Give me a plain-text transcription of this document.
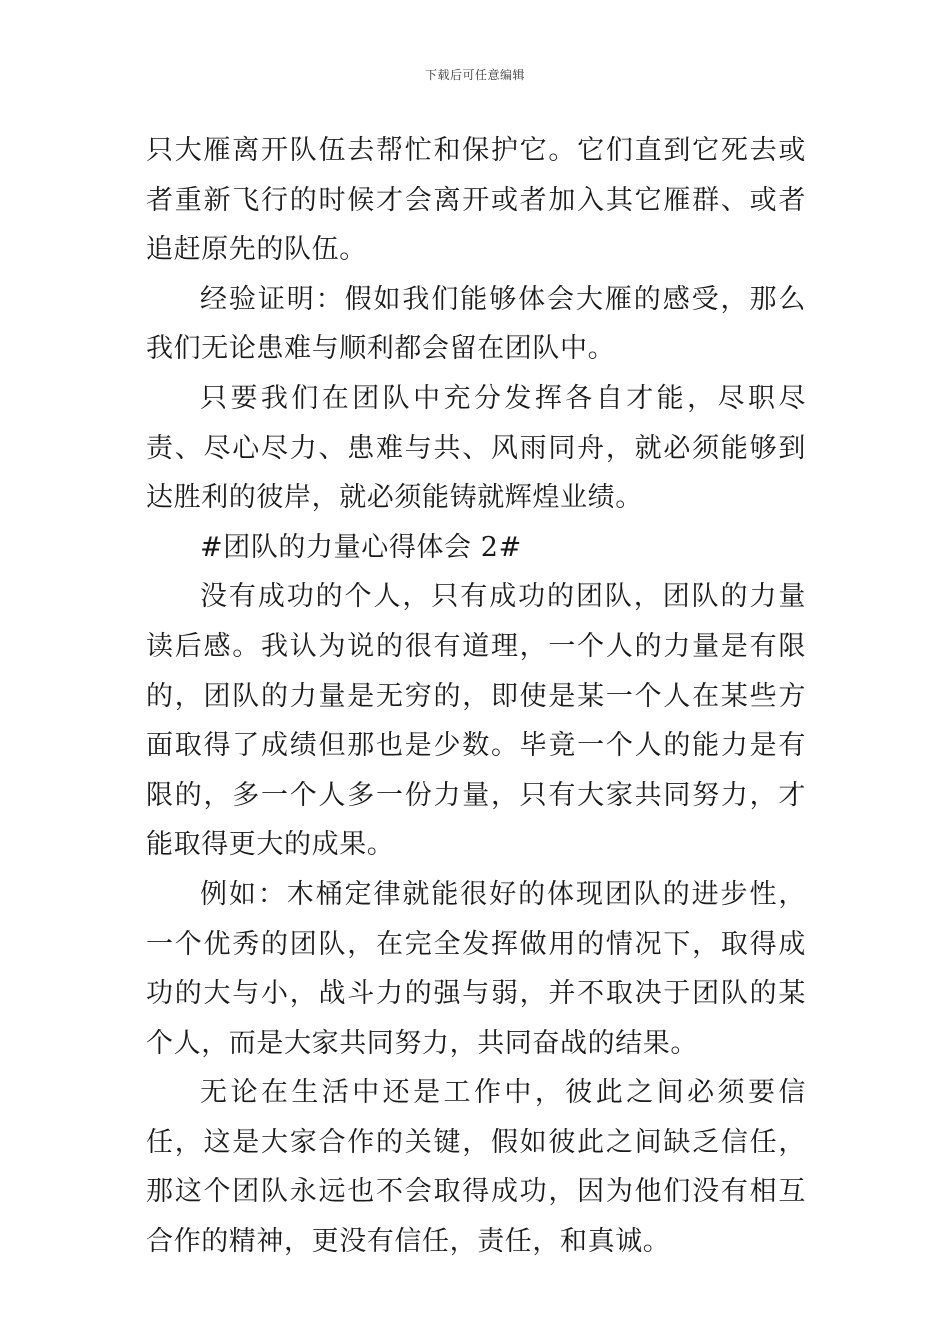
下载后可任意编辑

只大雁离开队伍去帮忙和保护它。它们直到它死去或者重新飞行的时候才会离开或者加入其它雁群、或者追赶原先的队伍。

经验证明：假如我们能够体会大雁的感受，那么我们无论患难与顺利都会留在团队中。

只要我们在团队中充分发挥各自才能，尽职尽责、尽心尽力、患难与共、风雨同舟，就必须能够到达胜利的彼岸，就必须能铸就辉煌业绩。

#团队的力量心得体会 2#

没有成功的个人，只有成功的团队，团队的力量读后感。我认为说的很有道理，一个人的力量是有限的，团队的力量是无穷的，即使是某一个人在某些方面取得了成绩但那也是少数。毕竟一个人的能力是有限的，多一个人多一份力量，只有大家共同努力，才能取得更大的成果。

例如：木桶定律就能很好的体现团队的进步性，一个优秀的团队，在完全发挥做用的情况下，取得成功的大与小，战斗力的强与弱，并不取决于团队的某个人，而是大家共同努力，共同奋战的结果。

无论在生活中还是工作中，彼此之间必须要信任，这是大家合作的关键，假如彼此之间缺乏信任，那这个团队永远也不会取得成功，因为他们没有相互合作的精神，更没有信任，责任，和真诚。
